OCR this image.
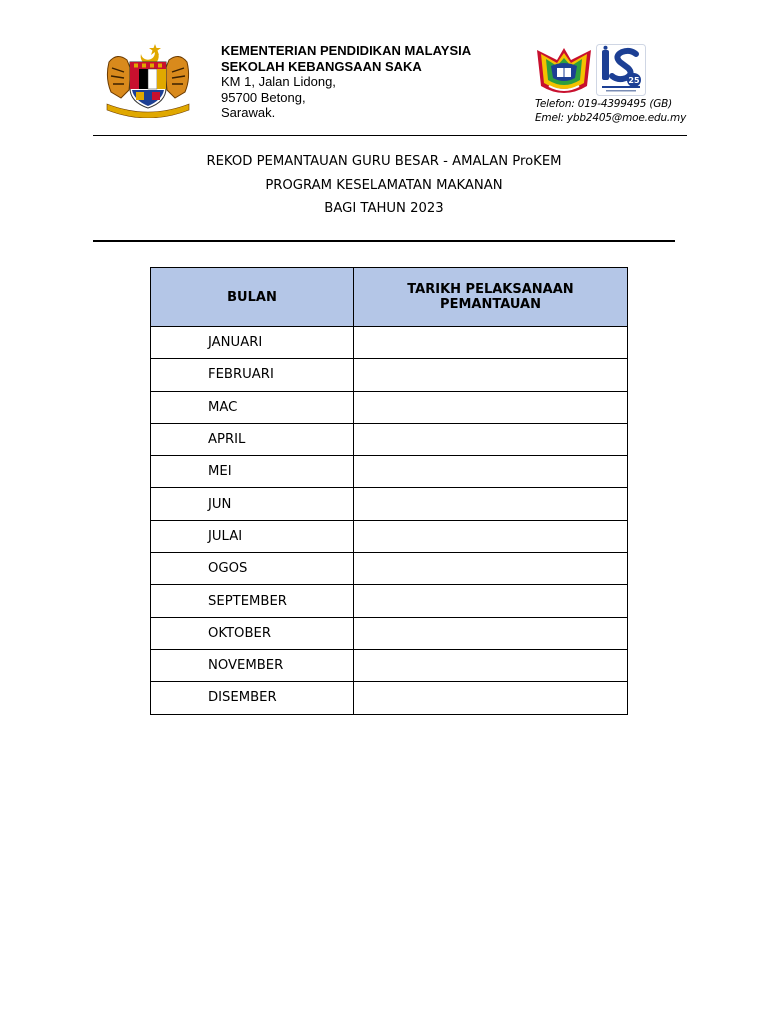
KEMENTERIAN PENDIDIKAN MALAYSIA
SEKOLAH KEBANGSAAN SAKA
KM 1, Jalan Lidong,
95700 Betong,
Sarawak.
25
Telefon: 019-4399495 (GB)
Emel: ybb2405@moe.edu.my
REKOD PEMANTAUAN GURU BESAR - AMALAN ProKEM
PROGRAM KESELAMATAN MAKANAN
BAGI TAHUN 2023
BULAN	TARIKH PELAKSANAAN
PEMANTAUAN

JANUARI	
FEBRUARI	
MAC	
APRIL	
MEI	
JUN	
JULAI	
OGOS	
SEPTEMBER	
OKTOBER	
NOVEMBER	
DISEMBER	
